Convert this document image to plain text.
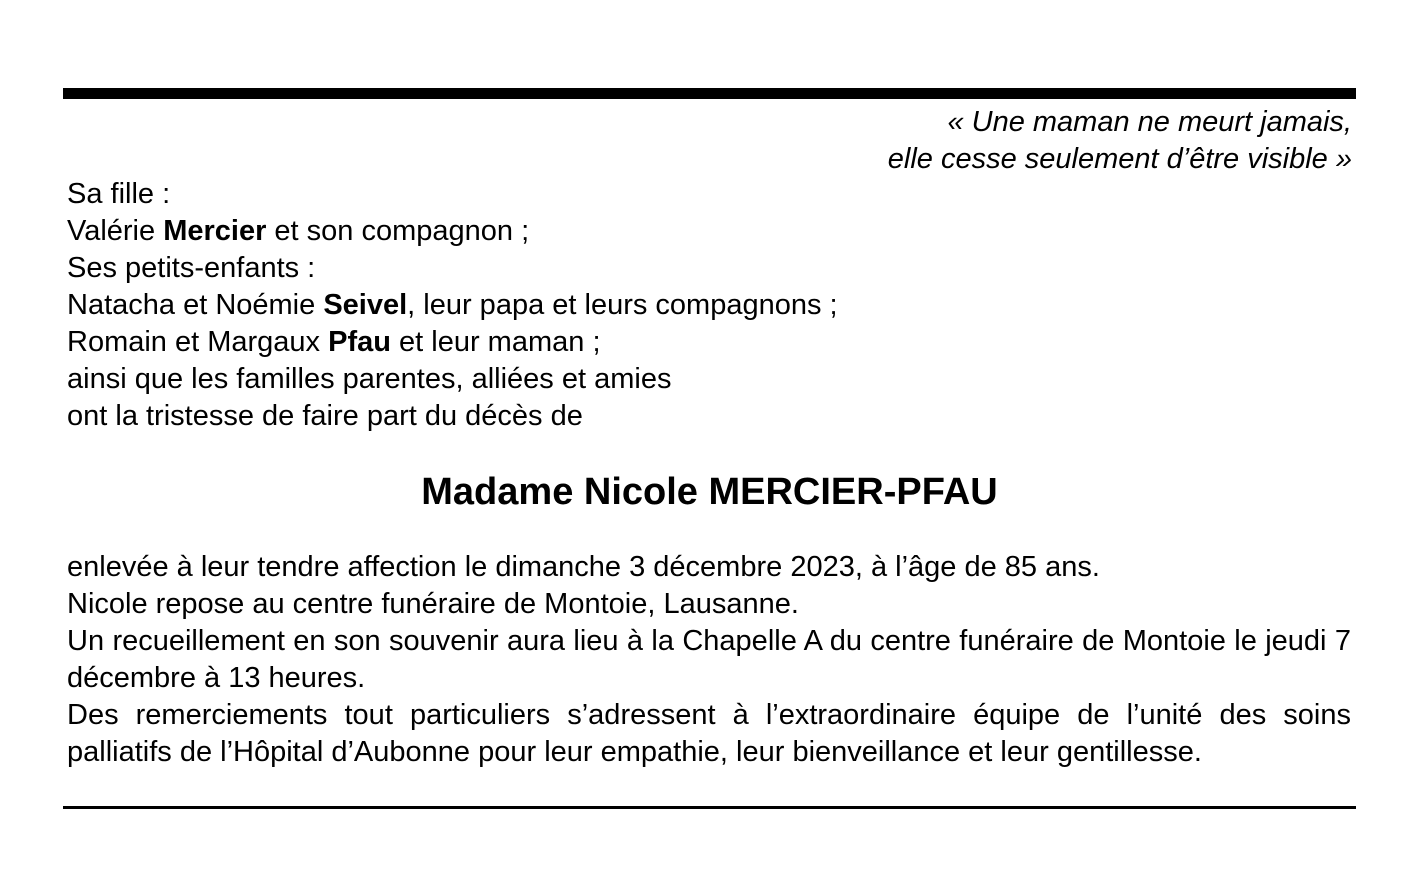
« Une maman ne meurt jamais,
elle cesse seulement d’être visible »
Sa fille :
Valérie Mercier et son compagnon ;
Ses petits-enfants :
Natacha et Noémie Seivel, leur papa et leurs compagnons ;
Romain et Margaux Pfau et leur maman ;
ainsi que les familles parentes, alliées et amies
ont la tristesse de faire part du décès de
Madame Nicole MERCIER-PFAU
enlevée à leur tendre affection le dimanche 3 décembre 2023, à l’âge de 85 ans.
Nicole repose au centre funéraire de Montoie, Lausanne.
Un recueillement en son souvenir aura lieu à la Chapelle A du centre funéraire de Montoie le jeudi 7 décembre à 13 heures.
Des remerciements tout particuliers s’adressent à l’extraordinaire équipe de l’unité des soins palliatifs de l’Hôpital d’Aubonne pour leur empathie, leur bienveillance et leur gentillesse.
